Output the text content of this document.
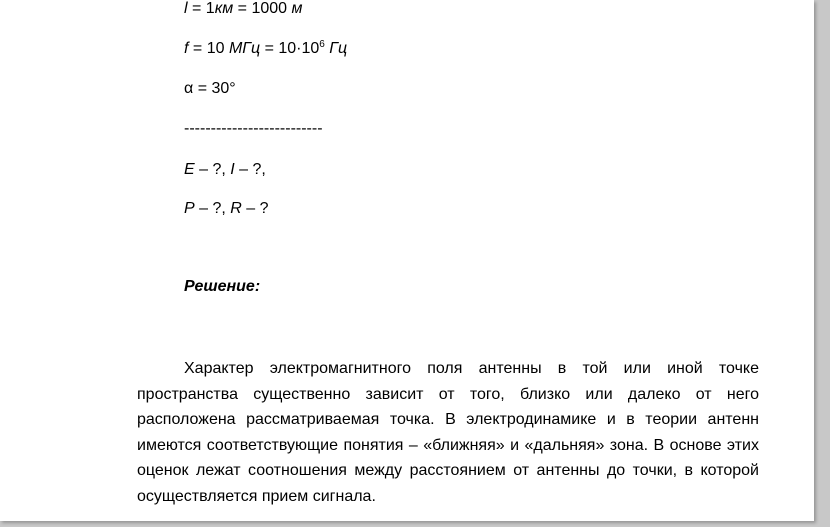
l = 1км = 1000 м
f = 10 МГц = $10\cdot 10^6$ Гц
α = 30°
--------------------------
E – ?, I – ?,
P – ?, R – ?
Решение:
Характер электромагнитного поля антенны в той или иной точке пространства существенно зависит от того, близко или далеко от него расположена рассматриваемая точка. В электродинамике и в теории антенн имеются соответствующие понятия – «ближняя» и «дальняя» зона. В основе этих оценок лежат соотношения между расстоянием от антенны до точки, в которой осуществляется прием сигнала.
